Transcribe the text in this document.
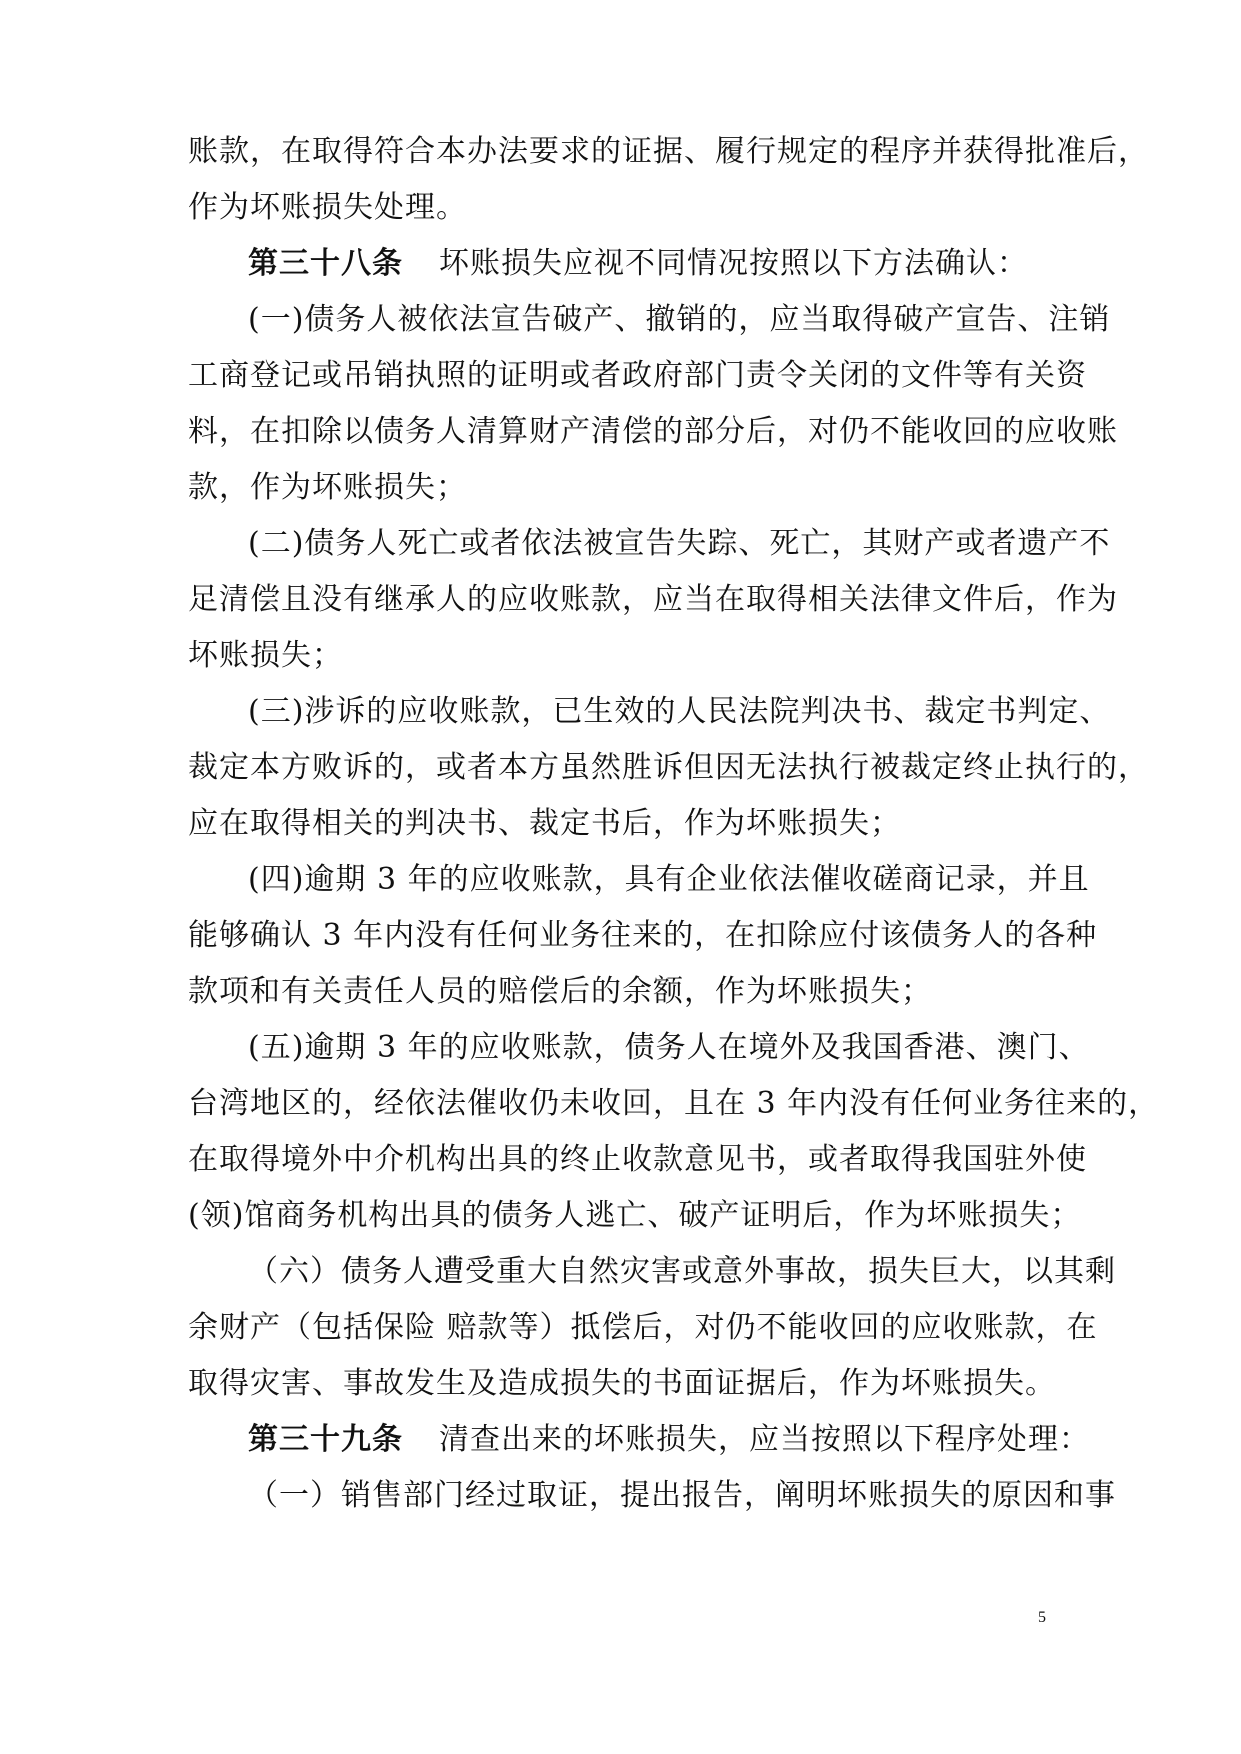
账款，在取得符合本办法要求的证据、履行规定的程序并获得批准后，
作为坏账损失处理。
第三十八条 坏账损失应视不同情况按照以下方法确认：
(一)债务人被依法宣告破产、撤销的，应当取得破产宣告、注销
工商登记或吊销执照的证明或者政府部门责令关闭的文件等有关资
料，在扣除以债务人清算财产清偿的部分后，对仍不能收回的应收账
款，作为坏账损失；
(二)债务人死亡或者依法被宣告失踪、死亡，其财产或者遗产不
足清偿且没有继承人的应收账款，应当在取得相关法律文件后，作为
坏账损失；
(三)涉诉的应收账款，已生效的人民法院判决书、裁定书判定、
裁定本方败诉的，或者本方虽然胜诉但因无法执行被裁定终止执行的，
应在取得相关的判决书、裁定书后，作为坏账损失；
(四)逾期 3 年的应收账款，具有企业依法催收磋商记录，并且
能够确认 3 年内没有任何业务往来的，在扣除应付该债务人的各种
款项和有关责任人员的赔偿后的余额，作为坏账损失；
(五)逾期 3 年的应收账款，债务人在境外及我国香港、澳门、
台湾地区的，经依法催收仍未收回，且在 3 年内没有任何业务往来的，
在取得境外中介机构出具的终止收款意见书，或者取得我国驻外使
(领)馆商务机构出具的债务人逃亡、破产证明后，作为坏账损失；
（六）债务人遭受重大自然灾害或意外事故，损失巨大，以其剩
余财产（包括保险 赔款等）抵偿后，对仍不能收回的应收账款，在
取得灾害、事故发生及造成损失的书面证据后，作为坏账损失。
第三十九条 清查出来的坏账损失，应当按照以下程序处理：
（一）销售部门经过取证，提出报告，阐明坏账损失的原因和事
5
